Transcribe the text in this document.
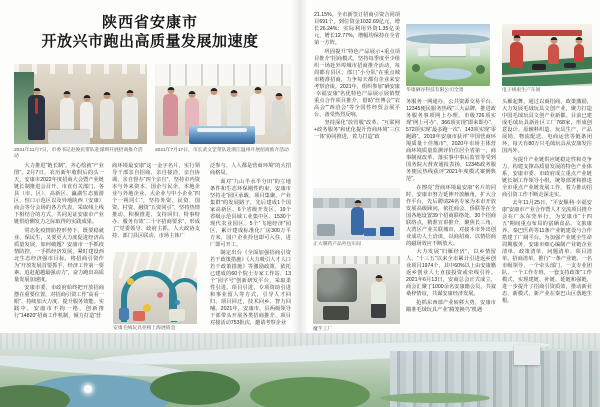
陕西省安康市
开放兴市跑出高质量发展加速度
2021年11月7日，市委书记赵俊民带队赴深圳开展招商推介活动
2021年7月17日，市长武文罡带队赴浙江温州开展招商推介活动

大力推进“链长制”，齐心绘就“产业图”。2月7日，农历新年收假后的头一天，安康市2022年度招商大会暨产业链链长制推进会召开，市直有关部门、各县（市、区）、高新区、瀛湖生态旅游区、恒口示范区以及异地陕西（安康）商会等分会场的各方代表，采取线上线下相结合的方式，共同见证安康市产业链供给侧发力之际取得的实践成果。

常态化疫情防控形势下，既要稳就业、保民生，又要更大力度促进经济高质量发展，如何破题？安康市一手抓疫情防控，一手抓经济发展，紧盯建设西北生态经济强市目标，将招商引资作为“开放发展首要抓手、经济工作第一要素、追赶超越最强动力”，奋力跑出高质量发展加速度。

安康市委、市政府始终把开放招商摆在重要位置，对招商引资工作“高看一眼”、持续加大力度、提升服务效能。实践中，安康市不拘一格，创新推行“14820”招商工作机制，倾力打造“营

商环境最安康”这一金字名片，实行领导干部亲自招商、亲自接洽、亲自协调、亲自督办“四个亲自”，坚持市内资本与外来资本、国企与民企、本地企业与外地企业、大企业与中小企业“四个一视同仁”，坚持外资、民资、国资、村资、融资“五资同引”，坚持热情推动、积极推进、支持回归、特事特办、服务有效“二十字招商要求”，形成了“党委领导、政府主抓、人大政协支持、部门县区联动、市场主体广

安康毛绒玩具亮相上海展销会

泛参与、人人都是营商环境”的大招商格局。

面对“九山半水半分田”的立地条件和生态环保刚性约束，安康市坚持走“园区承载、项目集聚、产业集群”的发展路子，先后建成1个国家高新区、6个省级开发区、19个省级示范县域工业集中区、1530个现代农业园区、5个“飞地经济”园区，累计建成标准化厂房300万平方米，园户企业拎包即可入住，进厂即可开工。

制定出台《全面加强招商引资若干政策措施》《大力吸引人才人口若干政策措施》等激励政策，依托已建成的60个院士专家工作站、13个“园字号”创新研发平台，采取柔性引进、项目引进、专项资助引进和事业留人等方式，引导人才回归、项目回迁、技术回乡、智力回哺。2021年，安康市、县两级领导干部带头开展各类招商推介、项目对接活动753批次，邀请考察企业

21.15%。全市新签订招商引资合同项目691个，到位资金1032.69亿元，增长26.24%；实际利用外资1.35亿美元，增长12.77%，增幅均保持在全省第一方阵。

巩固提升“特色产品展示+重点项目推介”招商模式，坚持每季度至少组织一场赴外埠城市招商推介活动，每周都有县区、部门“小分队”在重点城市精准招商，力争每天都有企业来安考察洽谈。2021年，组织参加“硒安康·幸福安康”名优特色产品展示展销暨重点合作项目推介，借助“丝博会”“农高会”“西洽会”等全国性经贸会展平台，备受热烈反响。

坚持深化“放管服”改革、“互联网+政务服务”和优化提升营商环境“三位一体”协同推进，着力打造“政

正大制药产品外包车间
魔芋工厂
华康硒谷科技有限公司全景	电子线束生产车间

务服务一网通办、公共资源交易平台、12345便民服务热线”三大品牌，推进政务服务事项网上办理。市级726项实现“网上可办”、366项实现“即来即办”、572项实现“最多跑一次”、143项实现“零跑路”。2019年安康市获评“中国营商环境质量十佳城市”，2020年市场主体营商环境质量监测评价位居全省第一，商事制度改革、落实事中事后监管等受到国务院大督查通报表扬，12345政务服务便民热线获评“2021年度模式案例典范”。

在擦亮“营商环境最安康”名片的同时，安康市努力延伸开放触角，扩大合作平台，先后聘请24名专家为本市开放发展高级顾问，依托商会、侨联等在全国各地设置39个招商联络处、30个招商联络点，精准宣讲推介，聚焦长三角、大湾区产业关联城市，对接本市外出创业成功人士洽谈，以商招商、以情招商的磁场效应不断放大。

大力发展“归雁经济”，以乡情留人。“十三五”以来全市累计引进返乡创业项目1974个，其中60%以上由安康籍返乡创业人士直接投资或牵线引荐。2021年6月13日，安商总会正式成立，商会汇聚了1000余名安康籍会员，共叙桑梓情谊，共谋安康经济发展。

抢抓东西部产业转移大势，安康市瞄准毛绒玩具产业“腾笼换鸟”机遇

头雁起舞，通过以商招商、政策激励，大力发展毛绒玩具文创产业，聚力打造中国毛绒玩具文创产业新都。目前已建成毛绒玩具新社区工厂768家，形成创意设计、原辅料织造、玩具生产、产品展销、物流配送、电商运营等链条闭环，每天有80万只毛绒玩具从安康发往国内外。

为提升产业链供应链稳定性和竞争力，构建支撑高质量发展的特色产业体系，安康市委、市政府成立重点产业链链长制工作领导小组，统筹部署和推进全市重点产业链发展工作，着力推动招商引资工作不断走深走实。

去年11月25日，“平安顺利·幸福安康”安康市产业合作暨人才交流项目推介会在广东东莞举行，为安康市“十四五”期间重点布局的富硒食品、文旅康养、秦巴医药等11条产业链建设与合作搭建了广阔平台。为加强产业链全生命周期服务，安康市细心编制产业链企业清单、政策清单、问题清单、项目清单、招商清单，推行“一条产业链、一名市级领导、一个牵头部门、一支专业团队、一个工作专班、一套支持政策”工作模式，实现建链、补链、延链和强链，进一步提升了招商引资质效，推动新业态、新模式、新产业在秦巴山区落地生根。
